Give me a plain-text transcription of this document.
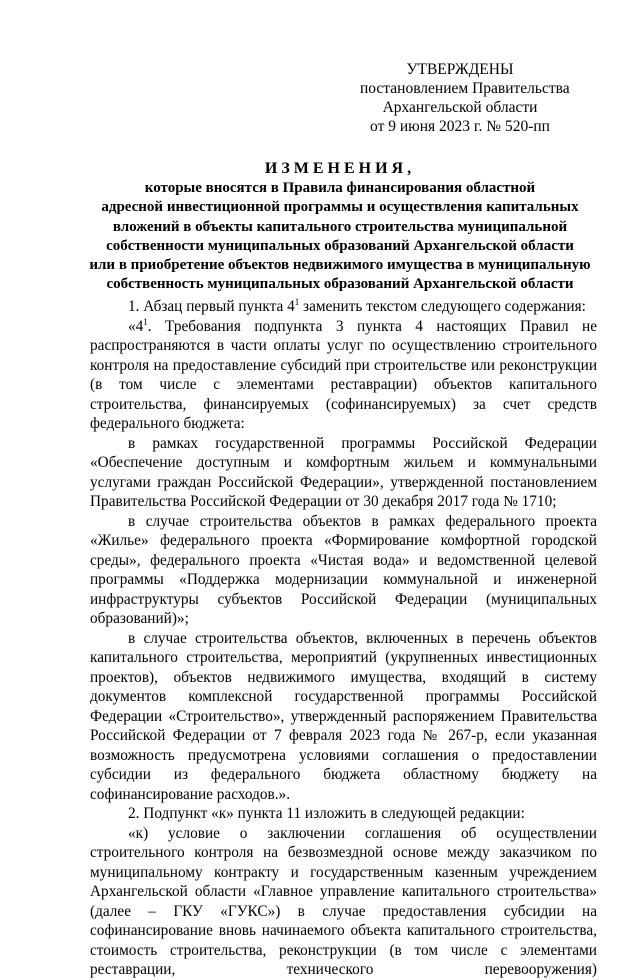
УТВЕРЖДЕНЫ
постановлением Правительства
Архангельской области
от 9 июня 2023 г. № 520-пп
ИЗМЕНЕНИЯ,
которые вносятся в Правила финансирования областной
адресной инвестиционной программы и осуществления капитальных
вложений в объекты капитального строительства муниципальной
собственности муниципальных образований Архангельской области
или в приобретение объектов недвижимого имущества в муниципальную
собственность муниципальных образований Архангельской области

1. Абзац первый пункта $4^1$ заменить текстом следующего содержания:

«$4^1$. Требования подпункта 3 пункта 4 настоящих Правил не распространяются в части оплаты услуг по осуществлению строительного контроля на предоставление субсидий при строительстве или реконструкции (в том числе с элементами реставрации) объектов капитального строительства, финансируемых (софинансируемых) за счет средств федерального бюджета:

в рамках государственной программы Российской Федерации «Обеспечение доступным и комфортным жильем и коммунальными услугами граждан Российской Федерации», утвержденной постановлением Правительства Российской Федерации от 30 декабря 2017 года № 1710;

в случае строительства объектов в рамках федерального проекта «Жилье» федерального проекта «Формирование комфортной городской среды», федерального проекта «Чистая вода» и ведомственной целевой программы «Поддержка модернизации коммунальной и инженерной инфраструктуры субъектов Российской Федерации (муниципальных образований)»;

в случае строительства объектов, включенных в перечень объектов капитального строительства, мероприятий (укрупненных инвестиционных проектов), объектов недвижимого имущества, входящий в систему документов комплексной государственной программы Российской Федерации «Строительство», утвержденный распоряжением Правительства Российской Федерации от 7 февраля 2023 года № 267-р, если указанная возможность предусмотрена условиями соглашения о предоставлении субсидии из федерального бюджета областному бюджету на софинансирование расходов.».

2. Подпункт «к» пункта 11 изложить в следующей редакции:

«к) условие о заключении соглашения об осуществлении строительного контроля на безвозмездной основе между заказчиком по муниципальному контракту и государственным казенным учреждением Архангельской области «Главное управление капитального строительства» (далее – ГКУ «ГУКС») в случае предоставления субсидии на софинансирование вновь начинаемого объекта капитального строительства, стоимость строительства, реконструкции (в том числе с элементами реставрации, технического перевооружения)
